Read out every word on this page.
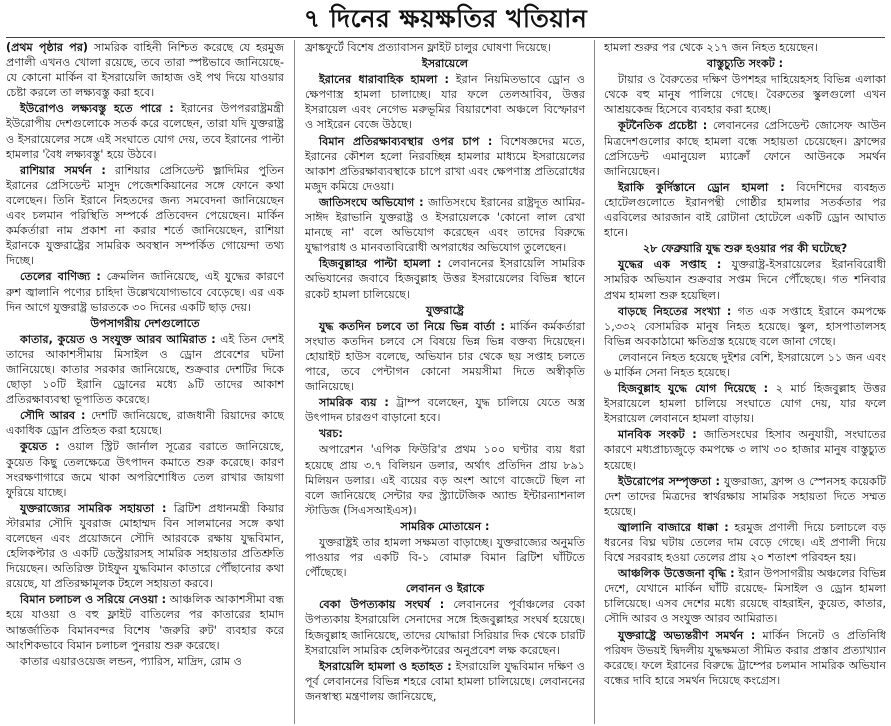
৭ দিনের ক্ষয়ক্ষতির খতিয়ান

(প্রথম পৃষ্ঠার পর) সামরিক বাহিনী নিশ্চিত করেছে যে হরমুজ প্রণালী এখনও খোলা রয়েছে, তবে তারা স্পষ্টভাবে জানিয়েছে- যে কোনো মার্কিন বা ইসরায়েলি জাহাজ ওই পথ দিয়ে যাওয়ার চেষ্টা করলে তা লক্ষ্যবস্তু করা হবে।

ইউরোপও লক্ষ্যবস্তু হতে পারে : ইরানের উপপররাষ্ট্রমন্ত্রী ইউরোপীয় দেশগুলোকে সতর্ক করে বলেছেন, তারা যদি যুক্তরাষ্ট্র ও ইসরায়েলের সঙ্গে এই সংঘাতে যোগ দেয়, তবে ইরানের পাল্টা হামলার 'বৈধ লক্ষ্যবস্তু' হয়ে উঠবে।

রাশিয়ার সমর্থন : রাশিয়ার প্রেসিডেন্ট ভ্লাদিমির পুতিন ইরানের প্রেসিডেন্ট মাসুদ পেজেশকিয়ানের সঙ্গে ফোনে কথা বলেছেন। তিনি ইরানে নিহতদের জন্য সমবেদনা জানিয়েছেন এবং চলমান পরিস্থিতি সম্পর্কে প্রতিবেদন পেয়েছেন। মার্কিন কর্মকর্তারা নাম প্রকাশ না করার শর্তে জানিয়েছেন, রাশিয়া ইরানকে যুক্তরাষ্ট্রের সামরিক অবস্থান সম্পর্কিত গোয়েন্দা তথ্য দিচ্ছে।

তেলের বাণিজ্য : ক্রেমলিন জানিয়েছে, এই যুদ্ধের কারণে রুশ জ্বালানি পণ্যের চাহিদা উল্লেখযোগ্যভাবে বেড়েছে। এর এক দিন আগে যুক্তরাষ্ট্র ভারতকে ৩০ দিনের একটি ছাড় দেয়।

উপসাগরীয় দেশগুলোতে

কাতার, কুয়েত ও সংযুক্ত আরব আমিরাত : এই তিন দেশই তাদের আকাশসীমায় মিসাইল ও ড্রোন প্রবেশের ঘটনা জানিয়েছে। কাতার সরকার জানিয়েছে, শুক্রবার দেশটির দিকে ছোড়া ১০টি ইরানি ড্রোনের মধ্যে ৯টি তাদের আকাশ প্রতিরক্ষাব্যবস্থা ভূপাতিত করেছে।

সৌদি আরব : দেশটি জানিয়েছে, রাজধানী রিয়াদের কাছে একাধিক ড্রোন প্রতিহত করা হয়েছে।

কুয়েত : ওয়াল স্ট্রিট জার্নাল সূত্রের বরাতে জানিয়েছে, কুয়েত কিছু তেলক্ষেত্রে উৎপাদন কমাতে শুরু করেছে। কারণ সংরক্ষণাগারে জমে থাকা অপরিশোধিত তেল রাখার জায়গা ফুরিয়ে যাচ্ছে।

যুক্তরাজ্যের সামরিক সহায়তা : ব্রিটিশ প্রধানমন্ত্রী কিয়ার স্টারমার সৌদি যুবরাজ মোহাম্মদ বিন সালমানের সঙ্গে কথা বলেছেন এবং প্রয়োজনে সৌদি আরবকে রক্ষায় যুদ্ধবিমান, হেলিকপ্টার ও একটি ডেস্ট্রয়ারসহ সামরিক সহায়তার প্রতিশ্রুতি দিয়েছেন। অতিরিক্ত টাইফুন যুদ্ধবিমান কাতারে পৌঁছানোর কথা রয়েছে, যা প্রতিরক্ষামূলক টহলে সহায়তা করবে।

বিমান চলাচল ও সরিয়ে নেওয়া : আঞ্চলিক আকাশসীমা বন্ধ হয়ে যাওয়া ও বহু ফ্লাইট বাতিলের পর কাতারের হামাদ আন্তর্জাতিক বিমানবন্দর বিশেষ 'জরুরি রুট' ব্যবহার করে আংশিকভাবে বিমান চলাচল পুনরায় শুরু করেছে।

কাতার এয়ারওয়েজ লন্ডন, প্যারিস, মাদ্রিদ, রোম ও

ফ্রাঙ্কফুর্টে বিশেষ প্রত্যাবাসন ফ্লাইট চালুর ঘোষণা দিয়েছে।

ইসরায়েলে

ইরানের ধারাবাহিক হামলা : ইরান নিয়মিতভাবে ড্রোন ও ক্ষেপণাস্ত্র হামলা চালাচ্ছে। যার ফলে তেলআবিব, উত্তর ইসরায়েল এবং নেগেভ মরুভূমির বিয়ারশেবা অঞ্চলে বিস্ফোরণ ও সাইরেন বেজে উঠছে।

বিমান প্রতিরক্ষাব্যবস্থার ওপর চাপ : বিশেষজ্ঞদের মতে, ইরানের কৌশল হলো নিরবচ্ছিন্ন হামলার মাধ্যমে ইসরায়েলের আকাশ প্রতিরক্ষাব্যবস্থাকে চাপে রাখা এবং ক্ষেপণাস্ত্র প্রতিরোধের মজুদ কমিয়ে দেওয়া।

জাতিসংঘে অভিযোগ : জাতিসংঘে ইরানের রাষ্ট্রদূত আমির-সাঈদ ইরাভানি যুক্তরাষ্ট্র ও ইসরায়েলকে 'কোনো লাল রেখা মানছে না' বলে অভিযোগ করেছেন এবং তাদের বিরুদ্ধে যুদ্ধাপরাধ ও মানবতাবিরোধী অপরাধের অভিযোগ তুলেছেন।

হিজবুল্লাহর পাল্টা হামলা : লেবাননের ইসরায়েলি সামরিক অভিযানের জবাবে হিজবুল্লাহ উত্তর ইসরায়েলের বিভিন্ন স্থানে রকেট হামলা চালিয়েছে।

যুক্তরাষ্ট্রে

যুদ্ধ কতদিন চলবে তা নিয়ে ভিন্ন বার্তা : মার্কিন কর্মকর্তারা সংঘাত কতদিন চলবে সে বিষয়ে ভিন্ন ভিন্ন বক্তব্য দিয়েছেন। হোয়াইট হাউস বলেছে, অভিযান চার থেকে ছয় সপ্তাহ চলতে পারে, তবে পেন্টাগন কোনো সময়সীমা দিতে অস্বীকৃতি জানিয়েছে।

সামরিক ব্যয় : ট্রাম্প বলেছেন, যুদ্ধ চালিয়ে যেতে অস্ত্র উৎপাদন চারগুণ বাড়ানো হবে।

খরচ:

অপারেশন 'এপিক ফিউরি'র প্রথম ১০০ ঘণ্টার ব্যয় ধরা হয়েছে প্রায় ৩.৭ বিলিয়ন ডলার, অর্থাৎ প্রতিদিন প্রায় ৮৯১ মিলিয়ন ডলার। এই ব্যয়ের বড় অংশ আগে বাজেটে ছিল না বলে জানিয়েছে সেন্টার ফর স্ট্র্যাটেজিক অ্যান্ড ইন্টারন্যাশনাল স্টাডিজ (সিএসআইএস)।

সামরিক মোতায়েন :

যুক্তরাষ্ট্রই তার হামলা সক্ষমতা বাড়াচ্ছে। যুক্তরাজ্যের অনুমতি পাওয়ার পর একটি বি-১ বোমারু বিমান ব্রিটিশ ঘাঁটিতে পৌঁছেছে।

লেবানন ও ইরাকে

বেকা উপত্যকায় সংঘর্ষ : লেবাননের পূর্বাঞ্চলের বেকা উপত্যকায় ইসরায়েলি সেনাদের সঙ্গে হিজবুল্লাহর সংঘর্ষ হয়েছে। হিজবুল্লাহ জানিয়েছে, তাদের যোদ্ধারা সিরিয়ার দিক থেকে চারটি ইসরায়েলি সামরিক হেলিকপ্টারের অনুপ্রবেশ লক্ষ করেছেন।

ইসরায়েলি হামলা ও হতাহত : ইসরায়েলি যুদ্ধবিমান দক্ষিণ ও পূর্ব লেবাননের বিভিন্ন শহরে বোমা হামলা চালিয়েছে। লেবাননের জনস্বাস্থ্য মন্ত্রণালয় জানিয়েছে,

হামলা শুরুর পর থেকে ২১৭ জন নিহত হয়েছেন।

বাস্তুচ্যুতি সংকট :

টায়ার ও বৈরুতের দক্ষিণ উপশহর দাহিয়েহসহ বিভিন্ন এলাকা থেকে বহু মানুষ পালিয়ে গেছে। বৈরুতের স্কুলগুলো এখন আশ্রয়কেন্দ্র হিসেবে ব্যবহার করা হচ্ছে।

কূটনৈতিক প্রচেষ্টা : লেবাননের প্রেসিডেন্ট জোসেফ আউন মিত্রদেশগুলোর কাছে হামলা বন্ধে সহায়তা চেয়েছেন। ফ্রান্সের প্রেসিডেন্ট এমানুয়েল ম্যাক্রোঁ ফোনে আউনকে সমর্থন জানিয়েছেন।

ইরাকি কুর্দিস্তানে ড্রোন হামলা : বিদেশিদের ব্যবহৃত হোটেলগুলোতে ইরানপন্থী গোষ্ঠীর হামলার সতর্কতার পর এরবিলের আরজান বাই রোটানা হোটেলে একটি ড্রোন আঘাত হানে।

২৮ ফেব্রুয়ারি যুদ্ধ শুরু হওয়ার পর কী ঘটেছে?

যুদ্ধের এক সপ্তাহ : যুক্তরাষ্ট্র-ইসরায়েলের ইরানবিরোধী সামরিক অভিযান শুক্রবার সপ্তম দিনে পৌঁছেছে। গত শনিবার প্রথম হামলা শুরু হয়েছিল।

বাড়ছে নিহতের সংখ্যা : গত এক সপ্তাহে ইরানে কমপক্ষে ১,৩৩২ বেসামরিক মানুষ নিহত হয়েছে। স্কুল, হাসপাতালসহ বিভিন্ন অবকাঠামো ক্ষতিগ্রস্ত হয়েছে বলে জানা গেছে।

লেবাননে নিহত হয়েছে দুইশর বেশি, ইসরায়েলে ১১ জন এবং ৬ মার্কিন সেনা নিহত হয়েছে।

হিজবুল্লাহ যুদ্ধে যোগ দিয়েছে : ২ মার্চ হিজবুল্লাহ উত্তর ইসরায়েলে হামলা চালিয়ে সংঘাতে যোগ দেয়, যার ফলে ইসরায়েল লেবাননে হামলা বাড়ায়।

মানবিক সংকট : জাতিসংঘের হিসাব অনুযায়ী, সংঘাতের কারণে মধ্যপ্রাচ্যজুড়ে কমপক্ষে ৩ লাখ ৩০ হাজার মানুষ বাস্তুচ্যুত হয়েছে।

ইউরোপের সম্পৃক্ততা : যুক্তরাজ্য, ফ্রান্স ও স্পেনসহ কয়েকটি দেশ তাদের মিত্রদের স্বার্থরক্ষায় সামরিক সহায়তা দিতে সম্মত হয়েছে।

জ্বালানি বাজারে ধাক্কা : হরমুজ প্রণালী দিয়ে চলাচলে বড় ধরনের বিঘ্ন ঘটায় তেলের দাম বেড়ে গেছে। এই প্রণালী দিয়ে বিশ্বে সরবরাহ হওয়া তেলের প্রায় ২০ শতাংশ পরিবহন হয়।

আঞ্চলিক উত্তেজনা বৃদ্ধি : ইরান উপসাগরীয় অঞ্চলের বিভিন্ন দেশে, যেখানে মার্কিন ঘাঁটি রয়েছে- মিসাইল ও ড্রোন হামলা চালিয়েছে। এসব দেশের মধ্যে রয়েছে বাহরাইন, কুয়েত, কাতার, সৌদি আরব ও সংযুক্ত আরব আমিরাত।

যুক্তরাষ্ট্রে অভ্যন্তরীণ সমর্থন : মার্কিন সিনেট ও প্রতিনিধি পরিষদ উভয়ই দ্বিদলীয় যুদ্ধক্ষমতা সীমিত করার প্রস্তাব প্রত্যাখ্যান করেছে। ফলে ইরানের বিরুদ্ধে ট্রাম্পের চলমান সামরিক অভিযান বন্ধের দাবি হারে সমর্থন দিয়েছে কংগ্রেস।
